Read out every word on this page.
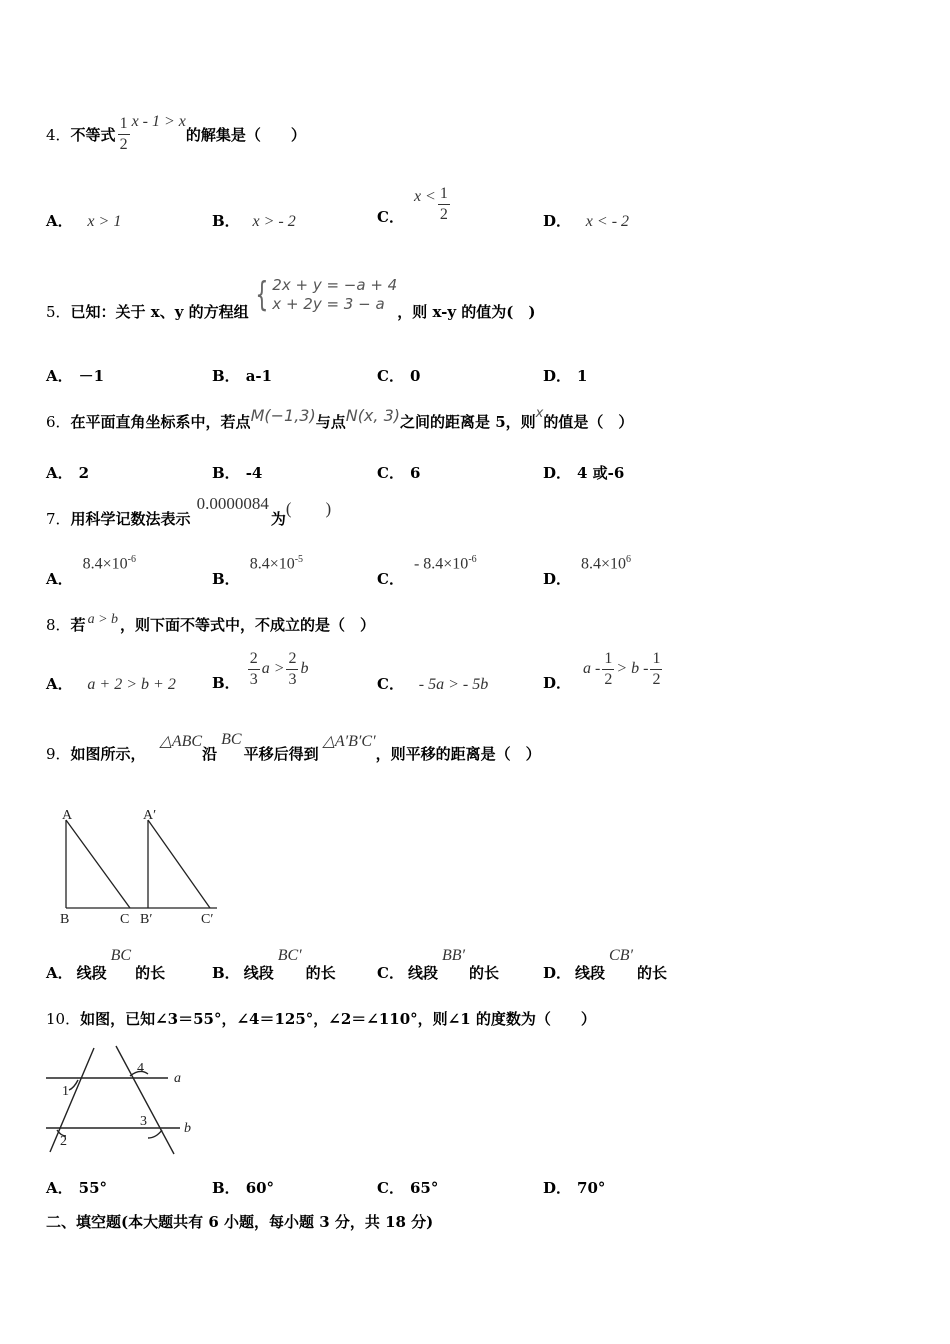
4． 不等式 $\frac{1}{2}$ x - 1 > x
的解集是（　　）
A． x > 1	B． x > - 2	C．
$x < \frac{1}{2}$	D． x < - 2
5． 已知：关于 x、y 的方程组 { 2x + y = −a + 4
x + 2y = 3 − a ，则 x-y 的值为(　)
A． －1	B． a-1	C． 0	D． 1
6． 在平面直角坐标系中，若点 M(−1,3) 与点 N(x, 3) 之间的距离是 5，则 x 的值是（　）
A． 2	B． -4	C． 6	D． 4 或-6
7． 用科学记数法表示
0.0000084
为
(　　)
A．
$8.4\times 10^{-6}$
B．
$8.4\times 10^{-5}$
C．
- $8.4\times 10^{-6}$
D．
$8.4\times 10^6$
8． 若 a > b ，则下面不等式中，不成立的是（　）
A． a + 2 > b + 2 B． $\frac{2}{3}$ $a > \frac{2}{3}$ b
C． - 5a > - 5b	D．
$a - \frac{1}{2} > b - \frac{1}{2}$
9． 如图所示，
△ABC
沿
BC
平移后得到
△A′B′C′
，则平移的距离是（　）
A
B	C
A′
B′	C′
A． 线段
BC
的长	B． 线段
BC′
的长	C． 线段
BB′
的长	D． 线段
CB′
的长
10．如图，已知∠3＝55°，∠4＝125°，∠2＝∠110°，则∠1 的度数为（　　）
1
2
3
4
a
b
A． 55°	B． 60°	C． 65°	D． 70°
二、填空题(本大题共有 6 小题，每小题 3 分，共 18 分)
